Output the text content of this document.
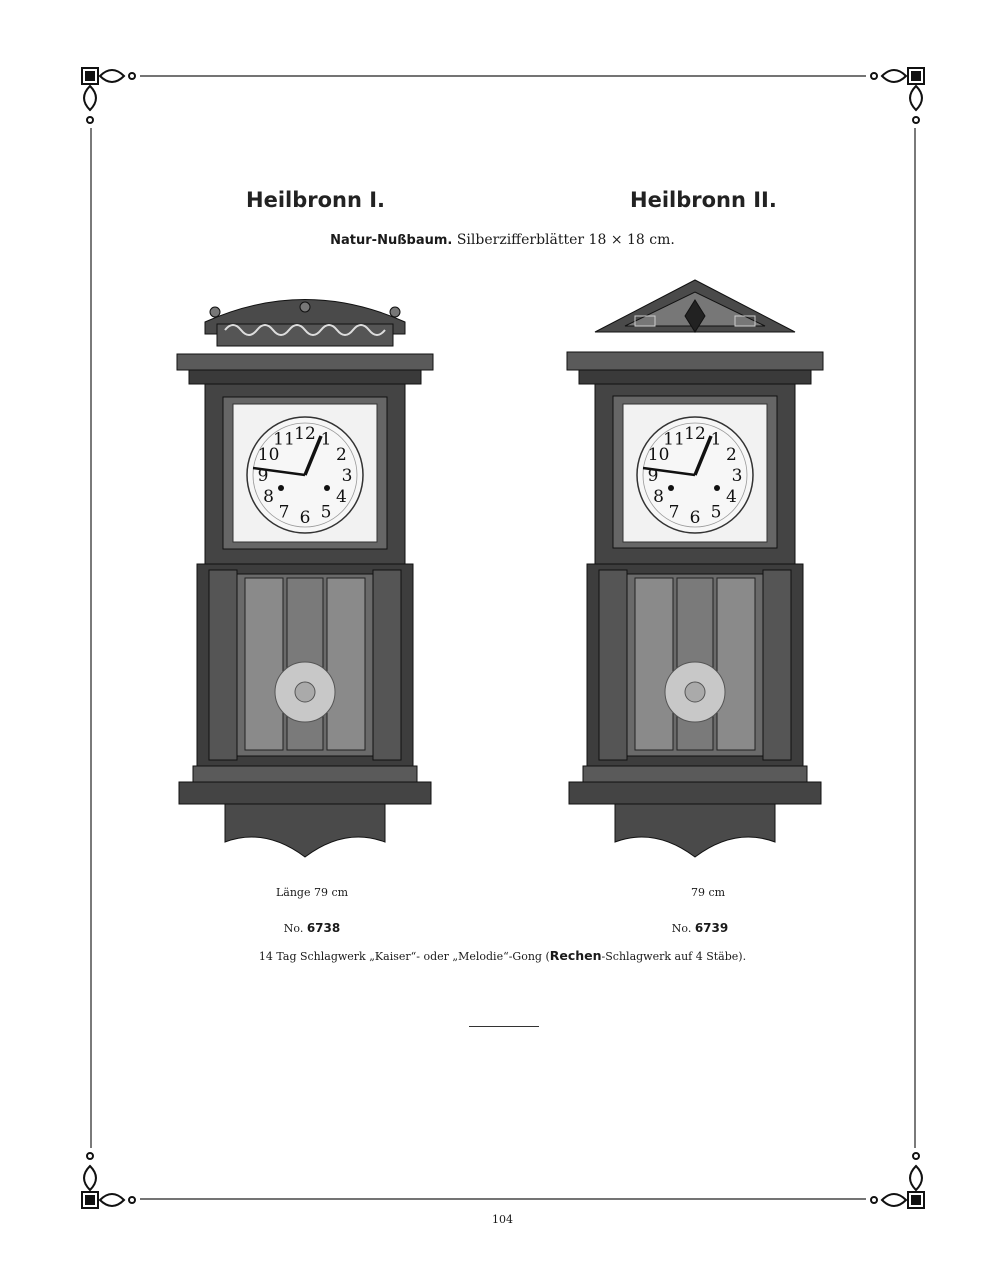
Heilbronn I.	Heilbronn II.
Natur-Nußbaum. Silberzifferblätter 18 × 18 cm.
12 1
2
3
4
5
6
7
8
9
10
11	12 1
2
3
4
5
6
7
8
9
10
11
Länge 79 cm	79 cm
No. 6738	No. 6739
14 Tag Schlagwerk „Kaiser“- oder „Melodie“-Gong (Rechen-Schlagwerk auf 4 Stäbe).
104
